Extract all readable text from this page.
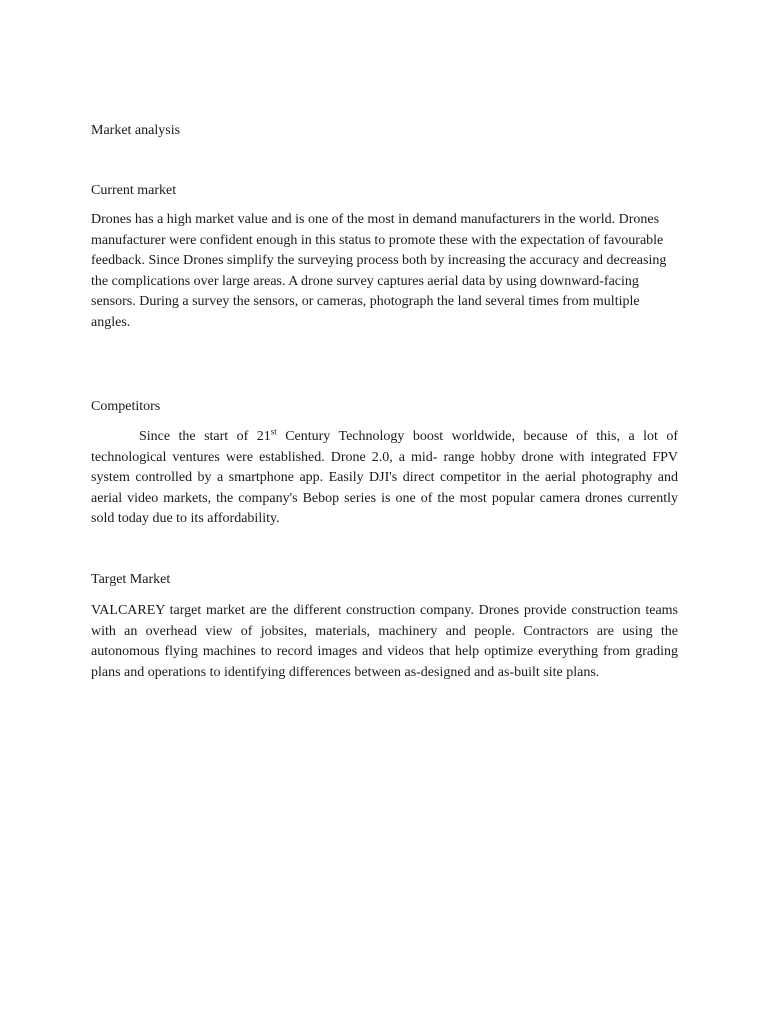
Market analysis
Current market

Drones has a high market value and is one of the most in demand manufacturers in the world. Drones manufacturer were confident enough in this status to promote these with the expectation of favourable feedback. Since Drones simplify the surveying process both by increasing the accuracy and decreasing the complications over large areas. A drone survey captures aerial data by using downward-facing sensors. During a survey the sensors, or cameras, photograph the land several times from multiple angles.

Competitors

Since the start of 21st Century Technology boost worldwide, because of this, a lot of technological ventures were established. Drone 2.0, a mid- range hobby drone with integrated FPV system controlled by a smartphone app. Easily DJI's direct competitor in the aerial photography and aerial video markets, the company's Bebop series is one of the most popular camera drones currently sold today due to its affordability.

Target Market

VALCAREY target market are the different construction company. Drones provide construction teams with an overhead view of jobsites, materials, machinery and people. Contractors are using the autonomous flying machines to record images and videos that help optimize everything from grading plans and operations to identifying differences between as-designed and as-built site plans.
